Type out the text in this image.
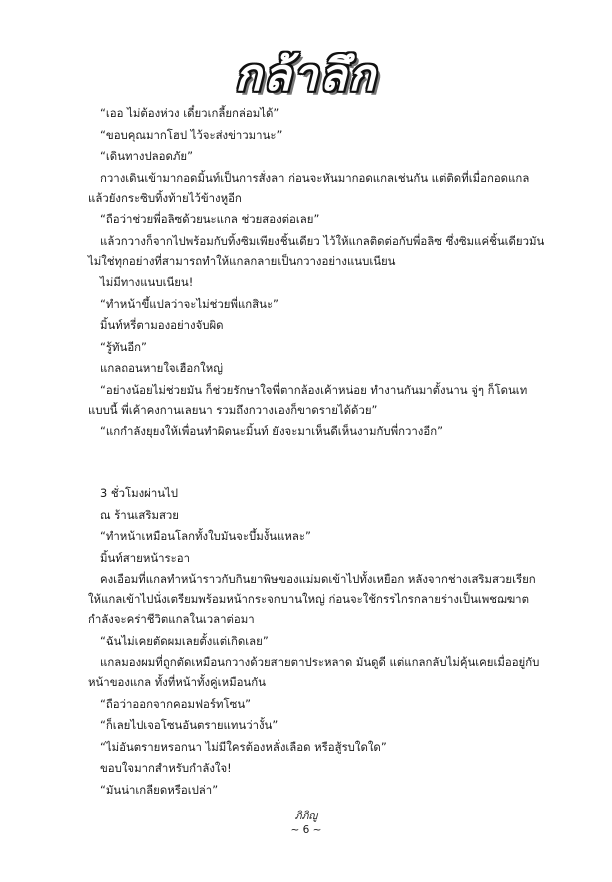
กล้าลึก

“เออ ไม่ต้องห่วง เดี๋ยวเกลี้ยกล่อมได้”

“ขอบคุณมากโฮป ไว้จะส่งข่าวมานะ”

“เดินทางปลอดภัย”

กวางเดินเข้ามากอดมิ้นท์เป็นการสั่งลา ก่อนจะหันมากอดแกลเช่นกัน แต่ติดที่เมื่อกอดแกลแล้วยังกระซิบทิ้งท้ายไว้ข้างหูอีก

“ถือว่าช่วยพี่อลิซด้วยนะแกล ช่วยสองต่อเลย”

แล้วกวางก็จากไปพร้อมกับทิ้งซิมเพียงชิ้นเดียว ไว้ให้แกลติดต่อกับพี่อลิซ ซึ่งซิมแค่ชิ้นเดียวมันไม่ใช่ทุกอย่างที่สามารถทำให้แกลกลายเป็นกวางอย่างแนบเนียน

ไม่มีทางแนบเนียน!

“ทำหน้าขึ้แปลว่าจะไม่ช่วยพี่แกสินะ”

มิ้นท์หรี่ตามองอย่างจับผิด

“รู้ทันอีก”

แกลถอนหายใจเฮือกใหญ่

“อย่างน้อยไม่ช่วยมัน ก็ช่วยรักษาใจพี่ตากล้องเค้าหน่อย ทำงานกันมาตั้งนาน จู่ๆ ก็โดนเทแบบนี้ พี่เค้าคงกานเลยนา รวมถึงกวางเองก็ขาดรายได้ด้วย”

“แกกำลังยุยงให้เพื่อนทำผิดนะมิ้นท์ ยังจะมาเห็นดีเห็นงามกับพี่กวางอีก”

3 ชั่วโมงผ่านไป

ณ ร้านเสริมสวย

“ทำหน้าเหมือนโลกทั้งใบมันจะบึ้มงั้นแหละ”

มิ้นท์สายหน้าระอา

คงเอือมที่แกลทำหน้าราวกับกินยาพิษของแม่มดเข้าไปทั้งเหยือก หลังจากช่างเสริมสวยเรียกให้แกลเข้าไปนั่งเตรียมพร้อมหน้ากระจกบานใหญ่ ก่อนจะใช้กรรไกรกลายร่างเป็นเพชฌฆาตกำลังจะคร่าชีวิตแกลในเวลาต่อมา

“ฉันไม่เคยตัดผมเลยตั้งแต่เกิดเลย”

แกลมองผมที่ถูกตัดเหมือนกวางด้วยสายตาประหลาด มันดูดี แต่แกลกลับไม่คุ้นเคยเมื่ออยู่กับหน้าของแกล ทั้งที่หน้าทั้งคู่เหมือนกัน

“ถือว่าออกจากคอมฟอร์ทโซน”

“ก็เลยไปเจอโซนอันตรายแทนว่างั้น”

“ไม่อันตรายหรอกนา ไม่มีใครต้องหลั่งเลือด หรือสู้รบใดใด”

ขอบใจมากสำหรับกำลังใจ!

“มันน่าเกลียดหรือเปล่า”

ภิภิญู
~ 6 ~
